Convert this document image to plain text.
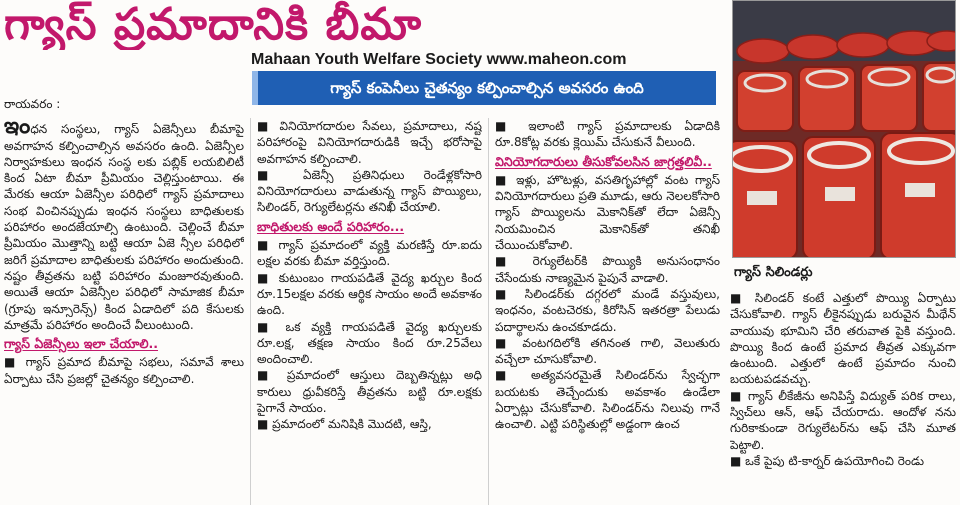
గ్యాస్ ప్రమాదానికి బీమా
Mahaan Youth Welfare Society www.maheon.com
గ్యాస్ కంపెనీలు చైతన్యం కల్పించాల్సిన అవసరం ఉంది

రాయవరం :

ఇంధన సంస్థలు, గ్యాస్ ఏజెన్సీలు బీమాపై అవగాహన కల్పించాల్సిన అవసరం ఉంది. ఏజెన్సీల నిర్వాహకులు ఇంధన సంస్థ లకు పబ్లిక్ లయబిలిటీ కింద ఏటా బీమా ప్రీమియం చెల్లిస్తుంటాయి. ఈ మేరకు ఆయా ఏజెన్సీల పరిధిలో గ్యాస్ ప్రమాదాలు సంభ వించినప్పుడు ఇంధన సంస్థలు బాధితులకు పరిహారం అందజేయాల్సి ఉంటుంది. చెల్లించే బీమా ప్రీమియం మొత్తాన్ని బట్టి ఆయా ఏజె న్సీల పరిధిలో జరిగే ప్రమాదాల బాధితులకు పరిహారం అందుతుంది. నష్టం తీవ్రతను బట్టి పరిహారం మంజూరవుతుంది. అయితే ఆయా ఏజెన్సీల పరిధిలో సామాజిక బీమా (గ్రూపు ఇన్సూరెన్స్) కింద ఏడాదిలో పది కేసులకు మాత్రమే పరిహారం అందించే వీలుంటుంది.

గ్యాస్ ఏజెన్సీలు ఇలా చేయాలి..

■ గ్యాస్ ప్రమాద బీమాపై సభలు, సమావే శాలు ఏర్పాటు చేసి ప్రజల్లో చైతన్యం కల్పించాలి.

■ వినియోగదారుల సేవలు, ప్రమాదాలు, నష్ట పరిహారంపై వినియోగదారుడికి ఇచ్చే భరోసాపై అవగాహన కల్పించాలి.

■ ఏజెన్సీ ప్రతినిధులు రెండేళ్లకోసారి వినియోగదారులు వాడుతున్న గ్యాస్ పొయ్యిలు, సిలిండర్, రెగ్యులేటర్లను తనిఖీ చేయాలి.

బాధితులకు అందే పరిహారం...

■ గ్యాస్ ప్రమాదంలో వ్యక్తి మరణిస్తే రూ.ఐదు లక్షల వరకు బీమా వర్తిస్తుంది.

■ కుటుంబం గాయపడితే వైద్య ఖర్చుల కింద రూ.15లక్షల వరకు ఆర్థిక సాయం అందే అవకాశం ఉంది.

■ ఒక వ్యక్తి గాయపడితే వైద్య ఖర్చులకు రూ.లక్ష, తక్షణ సాయం కింద రూ.25వేలు అందించాలి.

■ ప్రమాదంలో ఆస్తులు దెబ్బతిన్నట్లు అధి కారులు ధ్రువీకరిస్తే తీవ్రతను బట్టి రూ.లక్షకు పైగానే సాయం.

■ ప్రమాదంలో మనిషికి మొదటి, ఆస్తి,

■ ఇలాంటి గ్యాస్ ప్రమాదాలకు ఏడాదికి రూ.8కోట్ల వరకు క్లెయిమ్ చేసుకునే వీలుంది.

వినియోగదారులు తీసుకోవలసిన జాగ్రత్తలివీ..

■ ఇళ్లు, హొటళ్లు, వసతిగృహాల్లో వంట గ్యాస్ వినియోగదారులు ప్రతి మూడు, ఆరు నెలలకోసారి గ్యాస్ పొయ్యిలను మెకానిక్‌తో లేదా ఏజెన్సీ నియమించిన మెకానిక్‌తో తనిఖీ చేయించుకోవాలి.

■ రెగ్యులేటర్‌కి పొయ్యికి అనుసంధానం చేసేందుకు నాణ్యమైన పైపునే వాడాలి.

■ సిలిండర్‌కు దగ్గరలో మండే వస్తువులు, ఇంధనం, వంటచెరకు, కిరోసిన్ ఇతరత్రా పేలుడు పదార్థాలను ఉంచకూడదు.

■ వంటగదిలోకి తగినంత గాలి, వెలుతురు వచ్చేలా చూసుకోవాలి.

■ అత్యవసరమైతే సిలిండర్‌ను స్వేచ్ఛగా బయటకు తెచ్చేందుకు అవకాశం ఉండేలా ఏర్పాట్లు చేసుకోవాలి. సిలిండర్‌ను నిలువు గానే ఉంచాలి. ఎట్టి పరిస్థితుల్లో అడ్డంగా ఉంచ

గ్యాస్ సిలిండర్లు

■ సిలిండర్ కంటే ఎత్తులో పొయ్యి ఏర్పాటు చేసుకోవాలి. గ్యాస్ లీకైనప్పుడు బరువైన మీథేన్ వాయువు భూమిని చేరి తరువాత పైకి వస్తుంది. పొయ్యి కింద ఉంటే ప్రమాద తీవ్రత ఎక్కువగా ఉంటుంది. ఎత్తులో ఉంటే ప్రమాదం నుంచి బయటపడవచ్చు.

■ గ్యాస్ లీకేజీను అనిపిస్తే విద్యుత్ పరిక రాలు, స్విచ్‌లు ఆన్, ఆఫ్ చేయరాదు. ఆందోళ నను గురికాకుండా రెగ్యులేటర్‌ను ఆఫ్ చేసి మూత పెట్టాలి.

■ ఒకే పైపు టి-కార్నర్ ఉపయోగించి రెండు
